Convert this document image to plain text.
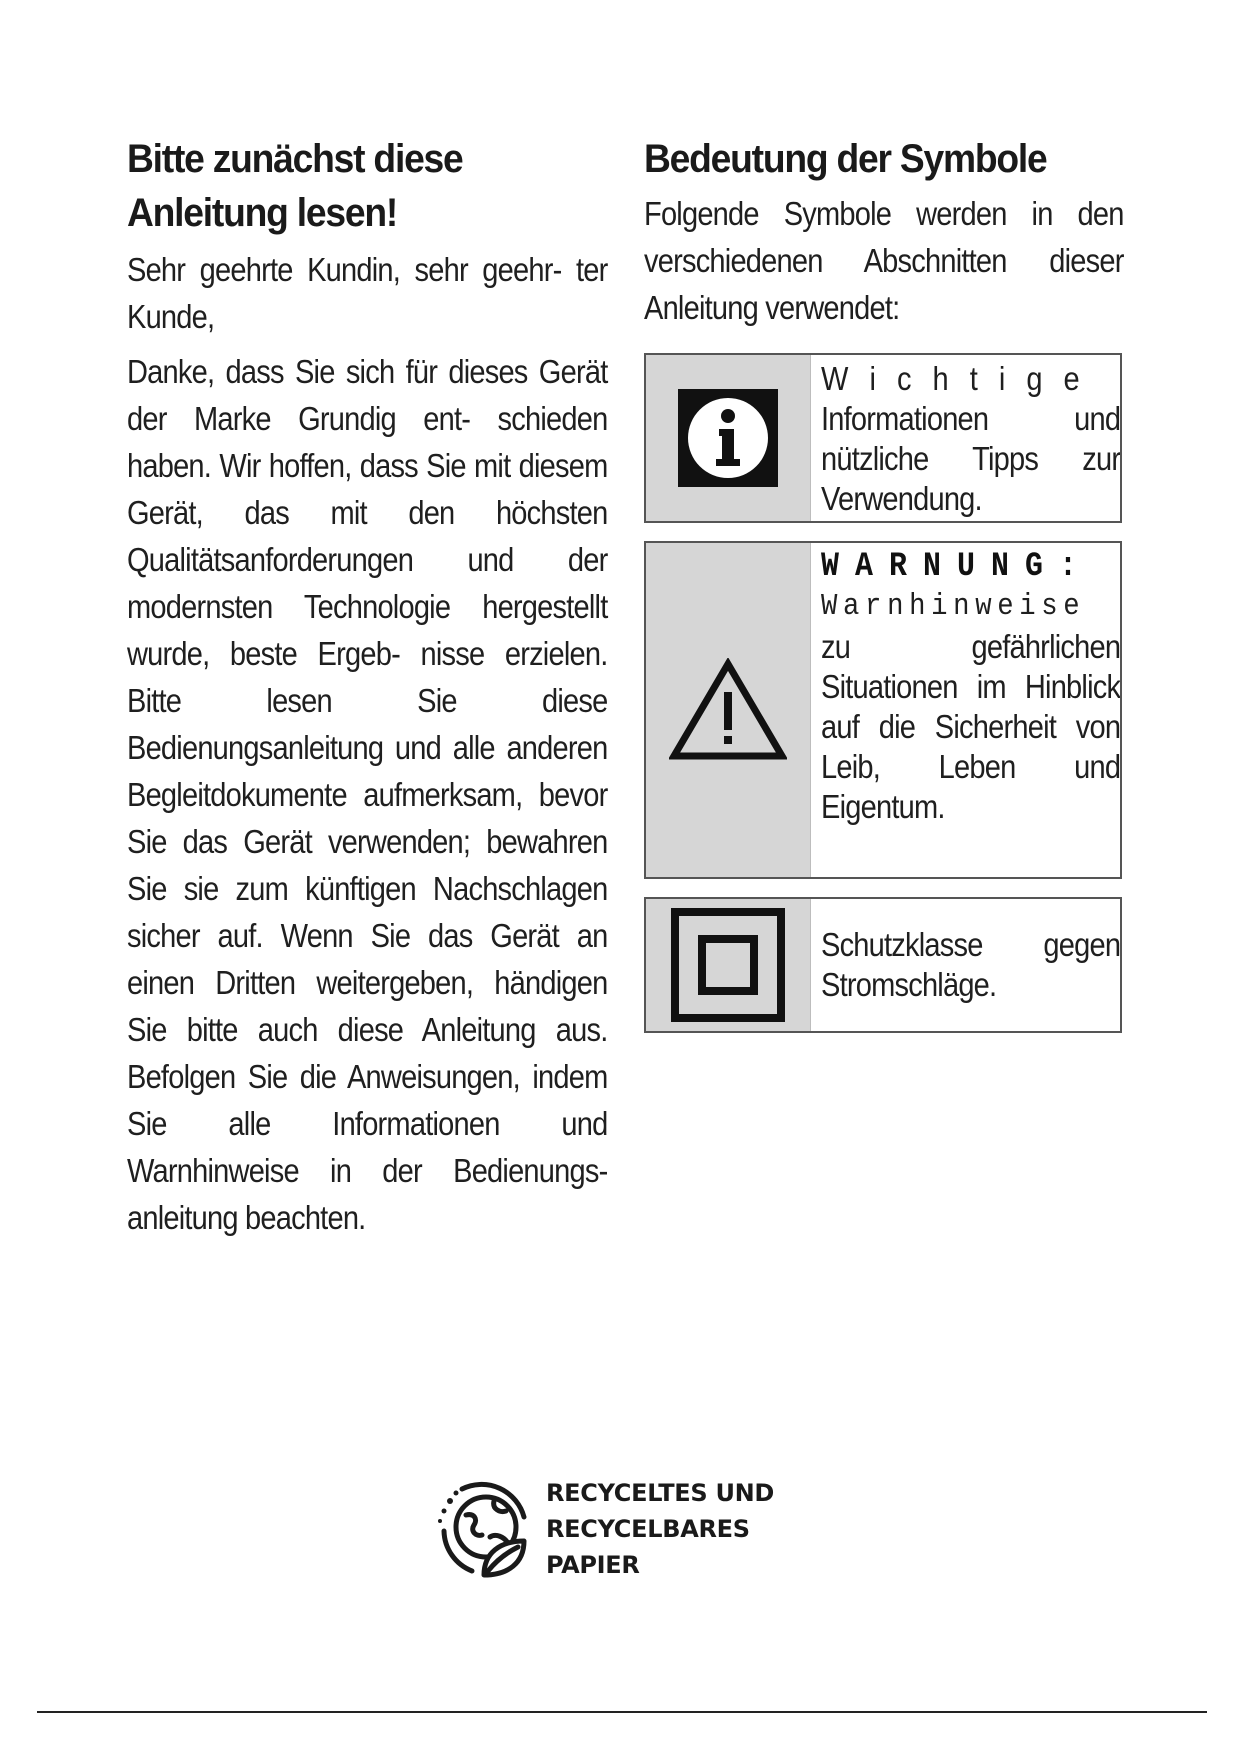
Bitte zunächst diese
Anleitung lesen!

Sehr geehrte Kundin, sehr geehr- ter Kunde,

Danke, dass Sie sich für dieses Gerät der Marke Grundig ent- schieden haben. Wir hoffen, dass Sie mit diesem Gerät, das mit den höchsten Qualitätsanforderungen und der modernsten Technologie hergestellt wurde, beste Ergeb- nisse erzielen. Bitte lesen Sie diese Bedienungsanleitung und alle anderen Begleitdokumente aufmerksam, bevor Sie das Gerät verwenden; bewahren Sie sie zum künftigen Nachschlagen sicher auf. Wenn Sie das Gerät an einen Dritten weitergeben, händigen Sie bitte auch diese Anleitung aus. Befolgen Sie die Anweisungen, indem Sie alle Informationen und Warnhinweise in der Bedienungs- anleitung beachten.

Bedeutung der Symbole

Folgende Symbole werden in den verschiedenen Abschnitten dieser Anleitung verwendet:

W i c h t i g e
Informationen und nützliche Tipps zur Verwendung.
W A R N U N G :
W a r n h i n w e i s e
zu gefährlichen Situationen im Hinblick auf die Sicherheit von Leib, Leben und Eigentum.
Schutzklasse gegen Stromschläge.
RECYCELTES UND
RECYCELBARES
PAPIER
